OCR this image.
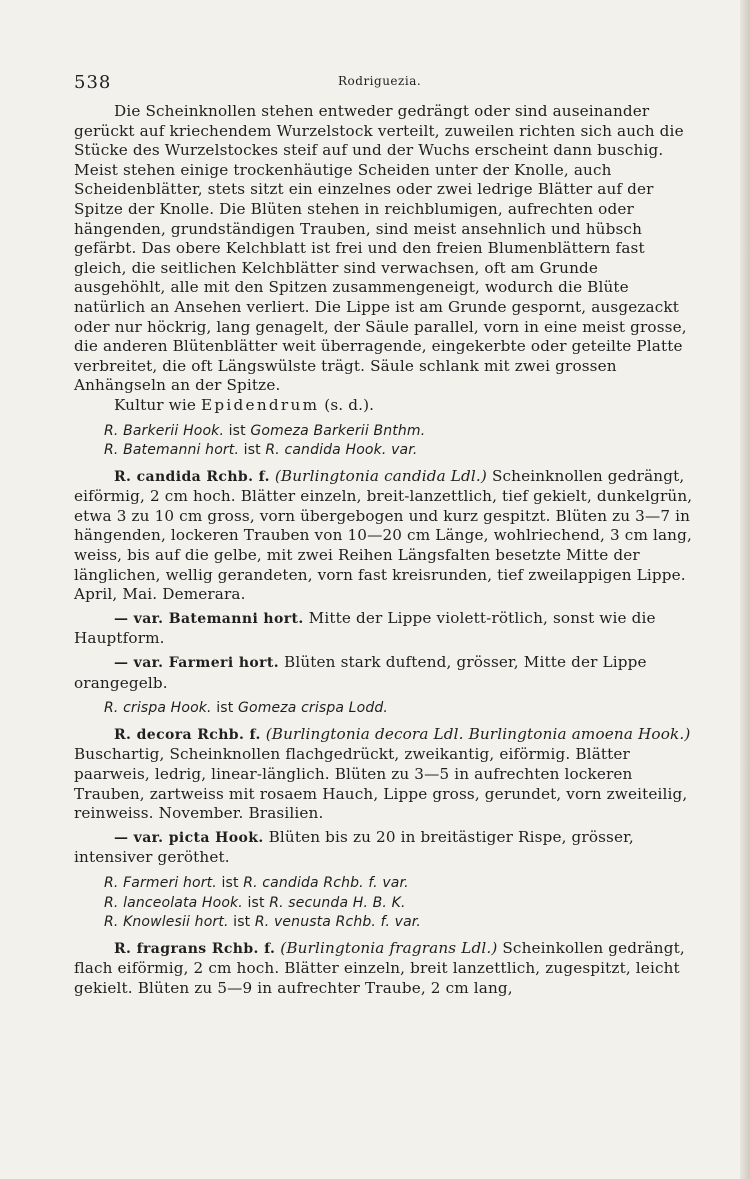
538	Rodriguezia.

Die Scheinknollen stehen entweder gedrängt oder sind auseinander gerückt auf kriechendem Wurzelstock verteilt, zuweilen richten sich auch die Stücke des Wurzelstockes steif auf und der Wuchs erscheint dann buschig. Meist stehen einige trockenhäutige Scheiden unter der Knolle, auch Scheidenblätter, stets sitzt ein einzelnes oder zwei ledrige Blätter auf der Spitze der Knolle. Die Blüten stehen in reichblumigen, aufrechten oder hängenden, grundständigen Trauben, sind meist ansehnlich und hübsch gefärbt. Das obere Kelchblatt ist frei und den freien Blumenblättern fast gleich, die seitlichen Kelchblätter sind verwachsen, oft am Grunde ausgehöhlt, alle mit den Spitzen zusammengeneigt, wodurch die Blüte natürlich an Ansehen verliert. Die Lippe ist am Grunde gespornt, ausgezackt oder nur höckrig, lang genagelt, der Säule parallel, vorn in eine meist grosse, die anderen Blütenblätter weit überragende, eingekerbte oder geteilte Platte verbreitet, die oft Längswülste trägt. Säule schlank mit zwei grossen Anhängseln an der Spitze.

Kultur wie Epidendrum (s. d.).

R. Barkerii Hook. ist Gomeza Barkerii Bnthm.

R. Batemanni hort. ist R. candida Hook. var.

R. candida Rchb. f. (Burlingtonia candida Ldl.) Scheinknollen gedrängt, eiförmig, 2 cm hoch. Blätter einzeln, breit-lanzettlich, tief gekielt, dunkelgrün, etwa 3 zu 10 cm gross, vorn übergebogen und kurz gespitzt. Blüten zu 3—7 in hängenden, lockeren Trauben von 10—20 cm Länge, wohlriechend, 3 cm lang, weiss, bis auf die gelbe, mit zwei Reihen Längsfalten besetzte Mitte der länglichen, wellig gerandeten, vorn fast kreisrunden, tief zweilappigen Lippe. April, Mai. Demerara.

— var. Batemanni hort. Mitte der Lippe violett-rötlich, sonst wie die Hauptform.

— var. Farmeri hort. Blüten stark duftend, grösser, Mitte der Lippe orangegelb.

R. crispa Hook. ist Gomeza crispa Lodd.

R. decora Rchb. f. (Burlingtonia decora Ldl. Burlingtonia amoena Hook.) Buschartig, Scheinknollen flachgedrückt, zweikantig, eiförmig. Blätter paarweis, ledrig, linear-länglich. Blüten zu 3—5 in aufrechten lockeren Trauben, zartweiss mit rosaem Hauch, Lippe gross, gerundet, vorn zweiteilig, reinweiss. November. Brasilien.

— var. picta Hook. Blüten bis zu 20 in breitästiger Rispe, grösser, intensiver geröthet.

R. Farmeri hort. ist R. candida Rchb. f. var.

R. lanceolata Hook. ist R. secunda H. B. K.

R. Knowlesii hort. ist R. venusta Rchb. f. var.

R. fragrans Rchb. f. (Burlingtonia fragrans Ldl.) Scheinkollen gedrängt, flach eiförmig, 2 cm hoch. Blätter einzeln, breit lanzettlich, zugespitzt, leicht gekielt. Blüten zu 5—9 in aufrechter Traube, 2 cm lang,
